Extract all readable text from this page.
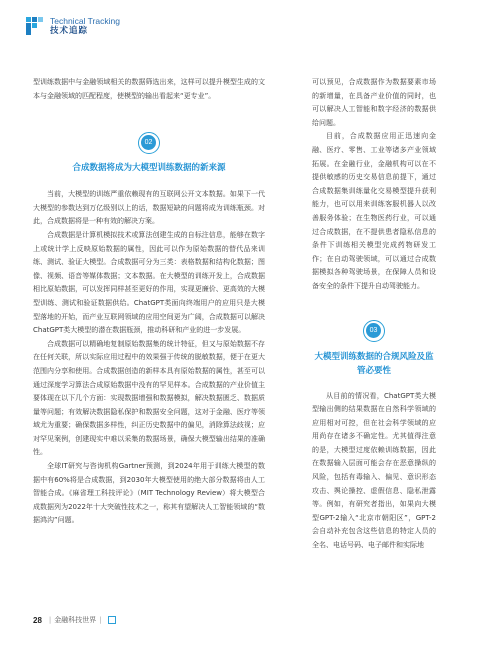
Technical Tracking
技术追踪

型训练数据中与金融领域相关的数据筛选出来，这样可以提升模型生成的文本与金融领域的匹配程度，使模型的输出看起来“更专业”。

02
合成数据将成为大模型训练数据的新来源

当前，大模型的训练严重依赖现有的互联网公开文本数据。如果下一代大模型的参数达到万亿级别以上的话，数据短缺的问题将成为训练瓶颈。对此，合成数据将是一种有效的解决方案。

合成数据是计算机模拟技术或算法创建生成的自标注信息，能够在数字上或统计学上反映原始数据的属性，因此可以作为原始数据的替代品来训练、测试、验证大模型。合成数据可分为三类：表格数据和结构化数据；图像、视频、语音等媒体数据；文本数据。在大模型的训练开发上，合成数据相比原始数据，可以发挥同样甚至更好的作用，实现更廉价、更高效的大模型训练、测试和验证数据供给。ChatGPT类面向终端用户的应用只是大模型落地的开始，而产业互联网领域的应用空间更为广阔，合成数据可以解决ChatGPT类大模型的潜在数据瓶颈，推动科研和产业的进一步发展。

合成数据可以精确地复制原始数据集的统计特征，但又与原始数据不存在任何关联，所以实际应用过程中的效果强于传统的脱敏数据，便于在更大范围内分享和使用。合成数据创造的新样本具有原始数据的属性，甚至可以通过深度学习算法合成原始数据中没有的罕见样本。合成数据的产业价值主要体现在以下几个方面：实现数据增强和数据模拟，解决数据匮乏、数据质量等问题；有效解决数据隐私保护和数据安全问题，这对于金融、医疗等领域尤为重要；确保数据多样性，纠正历史数据中的偏见，消除算法歧视；应对罕见案例，创建现实中难以采集的数据场景，确保大模型输出结果的准确性。

全球IT研究与咨询机构Gartner预测，到2024年用于训练大模型的数据中有60%将是合成数据，到2030年大模型使用的绝大部分数据将由人工智能合成。《麻省理工科技评论》（MIT Technology Review）将大模型合成数据列为2022年十大突破性技术之一，称其有望解决人工智能领域的“数据鸿沟”问题。

可以预见，合成数据作为数据要素市场的新增量，在具备产业价值的同时，也可以解决人工智能和数字经济的数据供给问题。

目前，合成数据应用正迅速向金融、医疗、零售、工业等诸多产业领域拓展。在金融行业，金融机构可以在不提供敏感的历史交易信息前提下，通过合成数据集训练量化交易模型提升获利能力，也可以用来训练客服机器人以改善服务体验；在生物医药行业，可以通过合成数据，在不提供患者隐私信息的条件下训练相关模型完成药物研发工作；在自动驾驶领域，可以通过合成数据模拟各种驾驶场景，在保障人员和设备安全的条件下提升自动驾驶能力。

03
大模型训练数据的合规风险及监管必要性

从目前的情况看，ChatGPT类大模型输出侧的结果数据在自然科学领域的应用相对可控，但在社会科学领域的应用尚存在诸多不确定性。尤其值得注意的是，大模型过度依赖训练数据，因此在数据输入层面可能会存在恶意操纵的风险，包括有毒输入、偏见、意识形态攻击、舆论操控、虚假信息、隐私泄露等。例如，有研究者指出，如果向大模型GPT-2输入“北京市朝阳区”，GPT-2会自动补充包含这些信息的特定人员的全名、电话号码、电子邮件和实际地

28 | 金融科技世界 |
